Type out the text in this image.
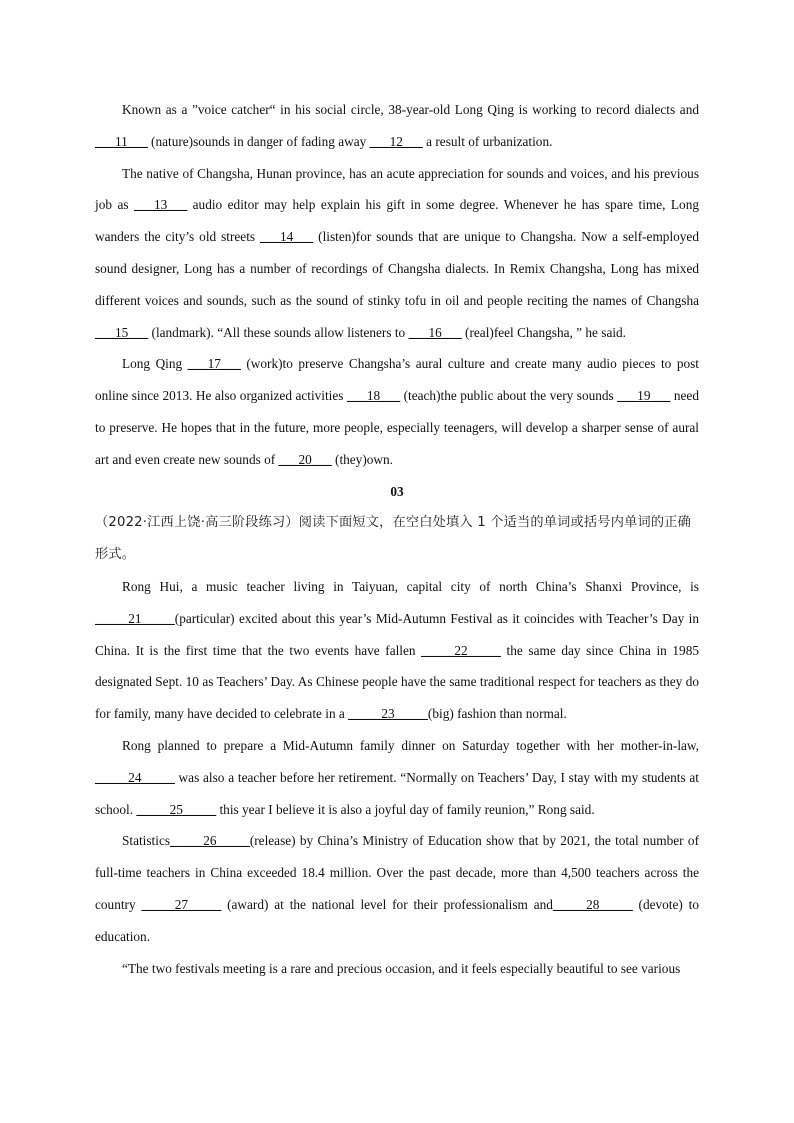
Known as a ”voice catcher“ in his social circle, 38-year-old Long Qing is working to record dialects and ___11___ (nature)sounds in danger of fading away ___12___ a result of urbanization.

The native of Changsha, Hunan province, has an acute appreciation for sounds and voices, and his previous job as ___13___ audio editor may help explain his gift in some degree. Whenever he has spare time, Long wanders the city’s old streets ___14___ (listen)for sounds that are unique to Changsha. Now a self-employed sound designer, Long has a number of recordings of Changsha dialects. In Remix Changsha, Long has mixed different voices and sounds, such as the sound of stinky tofu in oil and people reciting the names of Changsha ___15___ (landmark). “All these sounds allow listeners to ___16___ (real)feel Changsha, ” he said.

Long Qing ___17___ (work)to preserve Changsha’s aural culture and create many audio pieces to post online since 2013. He also organized activities ___18___ (teach)the public about the very sounds ___19___ need to preserve. He hopes that in the future, more people, especially teenagers, will develop a sharper sense of aural art and even create new sounds of ___20___ (they)own.

03

（2022·江西上饶·高三阶段练习）阅读下面短文，在空白处填入 1 个适当的单词或括号内单词的正确形式。

Rong Hui, a music teacher living in Taiyuan, capital city of north China’s Shanxi Province, is _____21_____(particular) excited about this year’s Mid-Autumn Festival as it coincides with Teacher’s Day in China. It is the first time that the two events have fallen _____22_____ the same day since China in 1985 designated Sept. 10 as Teachers’ Day. As Chinese people have the same traditional respect for teachers as they do for family, many have decided to celebrate in a _____23_____(big) fashion than normal.

Rong planned to prepare a Mid-Autumn family dinner on Saturday together with her mother-in-law, _____24_____ was also a teacher before her retirement. “Normally on Teachers’ Day, I stay with my students at school. _____25_____ this year I believe it is also a joyful day of family reunion,” Rong said.

Statistics_____26_____(release) by China’s Ministry of Education show that by 2021, the total number of full-time teachers in China exceeded 18.4 million. Over the past decade, more than 4,500 teachers across the country _____27_____ (award) at the national level for their professionalism and_____28_____ (devote) to education.

“The two festivals meeting is a rare and precious occasion, and it feels especially beautiful to see various
